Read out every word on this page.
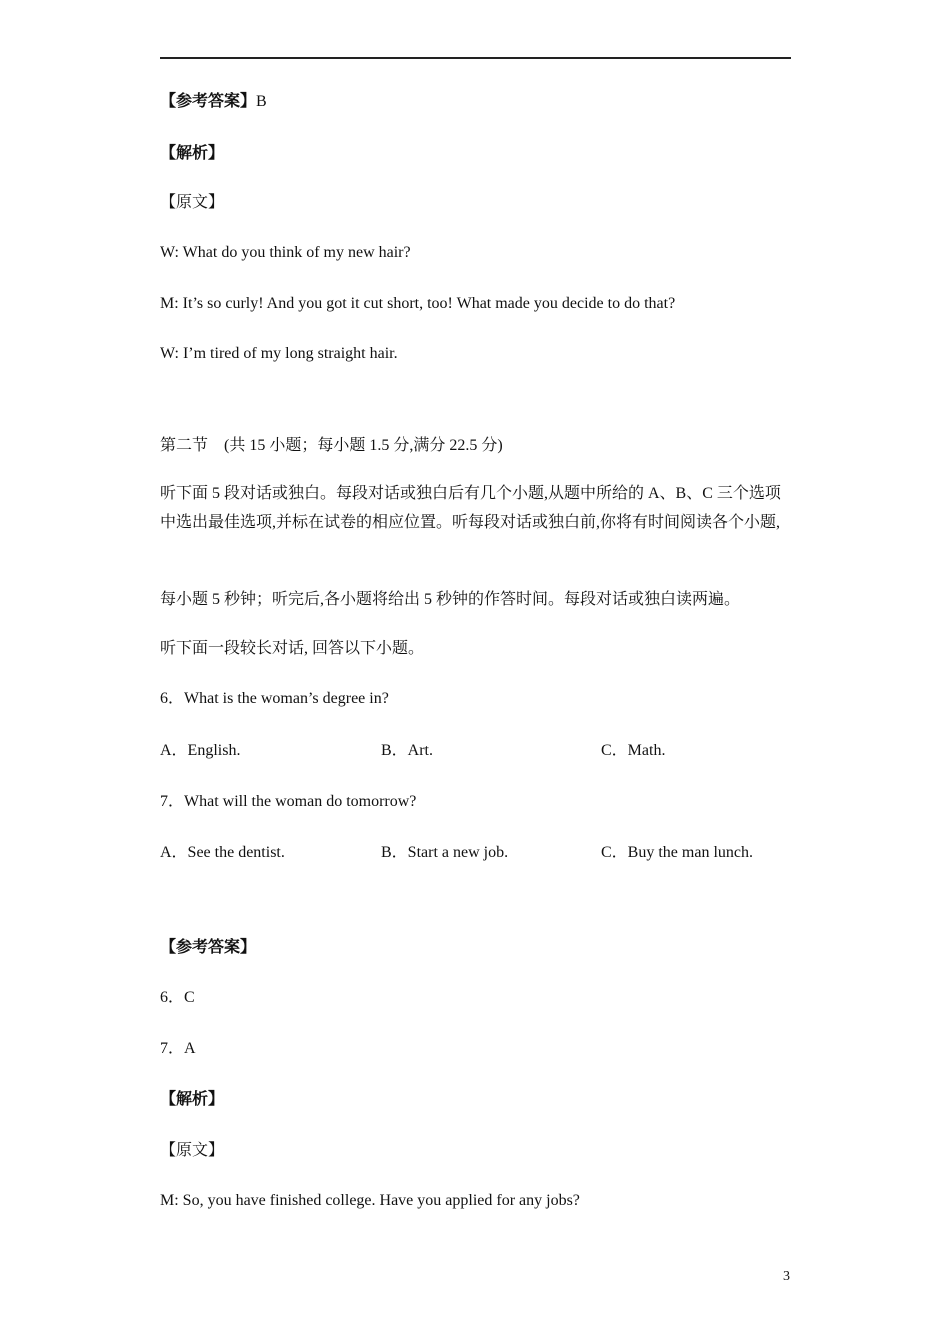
【参考答案】B
【解析】
【原文】
W: What do you think of my new hair?
M: It’s so curly! And you got it cut short, too! What made you decide to do that?
W: I’m tired of my long straight hair.
第二节　(共 15 小题；每小题 1.5 分,满分 22.5 分)
听下面 5 段对话或独白。每段对话或独白后有几个小题,从题中所给的 A、B、C 三个选项中选出最佳选项,并标在试卷的相应位置。听每段对话或独白前,你将有时间阅读各个小题,
每小题 5 秒钟；听完后,各小题将给出 5 秒钟的作答时间。每段对话或独白读两遍。
听下面一段较长对话, 回答以下小题。
6．What is the woman’s degree in?
A．English.	B．Art.	C．Math.
7．What will the woman do tomorrow?
A．See the dentist.	B．Start a new job.	C．Buy the man lunch.
【参考答案】
6．C
7．A
【解析】
【原文】
M: So, you have finished college. Have you applied for any jobs?
3
